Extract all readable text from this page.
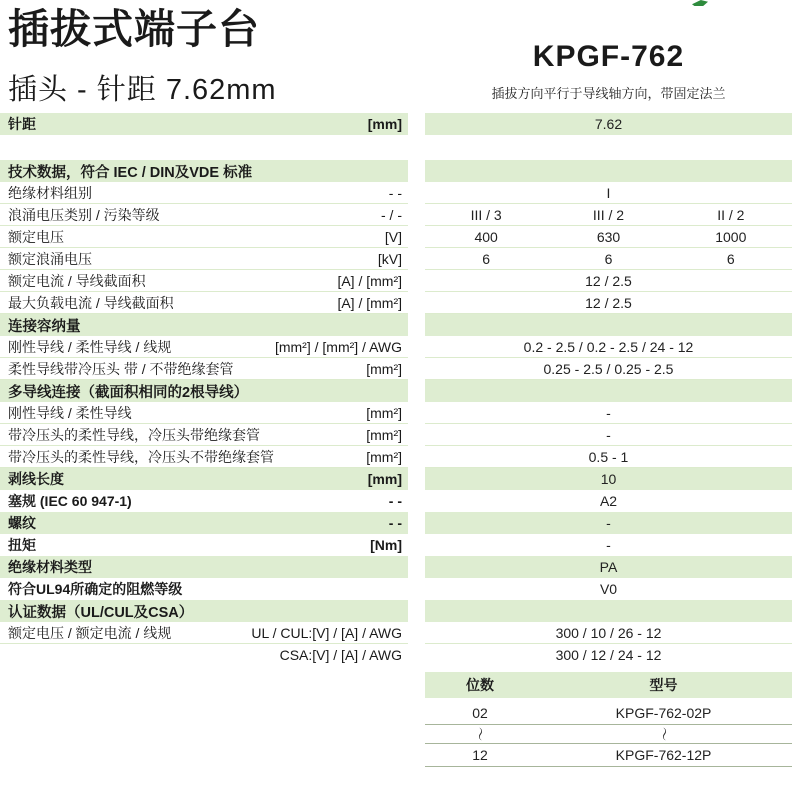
插拔式端子台
插头 - 针距 7.62mm
KPGF-762
插拔方向平行于导线轴方向，带固定法兰
针距	[mm]	7.62
技术数据，符合 IEC / DIN及VDE 标准
绝缘材料组别	- -	I
浪涌电压类别 / 污染等级	- / -	III / 3	III / 2	II / 2
额定电压	[V]	400	630	1000
额定浪涌电压	[kV]	6	6	6
额定电流 / 导线截面积	[A] / [mm²]	12 / 2.5
最大负载电流 / 导线截面积	[A] / [mm²]	12 / 2.5
连接容纳量
刚性导线 / 柔性导线 / 线规	[mm²] / [mm²] / AWG	0.2 - 2.5 / 0.2 - 2.5 / 24 - 12
柔性导线带冷压头 带 / 不带绝缘套管	[mm²]	0.25 - 2.5 / 0.25 - 2.5
多导线连接（截面积相同的2根导线）
刚性导线 / 柔性导线	[mm²]	-
带冷压头的柔性导线，冷压头带绝缘套管	[mm²]	-
带冷压头的柔性导线，冷压头不带绝缘套管	[mm²]	0.5 - 1
剥线长度	[mm]	10
塞规 (IEC 60 947-1)	- -	A2
螺纹	- -	-
扭矩	[Nm]	-
绝缘材料类型	PA
符合UL94所确定的阻燃等级	V0
认证数据（UL/CUL及CSA）
额定电压 / 额定电流 / 线规	UL / CUL:[V] / [A] / AWG	300 / 10 / 26 - 12
CSA:[V] / [A] / AWG	300 / 12 / 24 - 12
位数	型号
02	KPGF-762-02P
〜	〜
12	KPGF-762-12P
